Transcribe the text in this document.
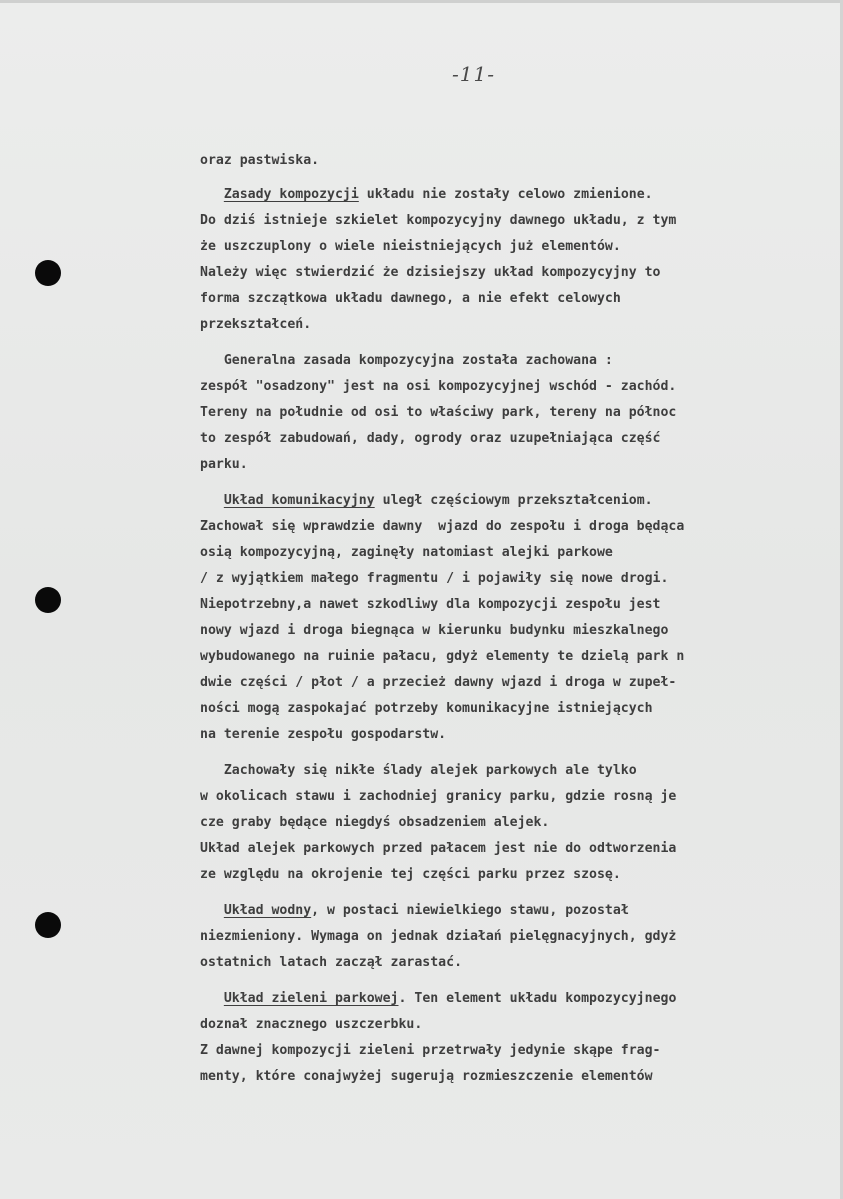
-11-
oraz pastwiska.
Zasady kompozycji układu nie zostały celowo zmienione.
Do dziś istnieje szkielet kompozycyjny dawnego układu, z tym
że uszczuplony o wiele nieistniejących już elementów.
Należy więc stwierdzić że dzisiejszy układ kompozycyjny to
forma szczątkowa układu dawnego, a nie efekt celowych
przekształceń.
Generalna zasada kompozycyjna została zachowana :
zespół "osadzony" jest na osi kompozycyjnej wschód - zachód.
Tereny na południe od osi to właściwy park, tereny na północ
to zespół zabudowań, dady, ogrody oraz uzupełniająca część
parku.
Układ komunikacyjny uległ częściowym przekształceniom.
Zachował się wprawdzie dawny  wjazd do zespołu i droga będąca
osią kompozycyjną, zaginęły natomiast alejki parkowe
/ z wyjątkiem małego fragmentu / i pojawiły się nowe drogi.
Niepotrzebny,a nawet szkodliwy dla kompozycji zespołu jest
nowy wjazd i droga biegnąca w kierunku budynku mieszkalnego
wybudowanego na ruinie pałacu, gdyż elementy te dzielą park n
dwie części / płot / a przecież dawny wjazd i droga w zupeł-
ności mogą zaspokajać potrzeby komunikacyjne istniejących
na terenie zespołu gospodarstw.
Zachowały się nikłe ślady alejek parkowych ale tylko
w okolicach stawu i zachodniej granicy parku, gdzie rosną je
cze graby będące niegdyś obsadzeniem alejek.
Układ alejek parkowych przed pałacem jest nie do odtworzenia
ze względu na okrojenie tej części parku przez szosę.
Układ wodny, w postaci niewielkiego stawu, pozostał
niezmieniony. Wymaga on jednak działań pielęgnacyjnych, gdyż
ostatnich latach zaczął zarastać.
Układ zieleni parkowej. Ten element układu kompozycyjnego
doznał znacznego uszczerbku.
Z dawnej kompozycji zieleni przetrwały jedynie skąpe frag-
menty, które conajwyżej sugerują rozmieszczenie elementów
